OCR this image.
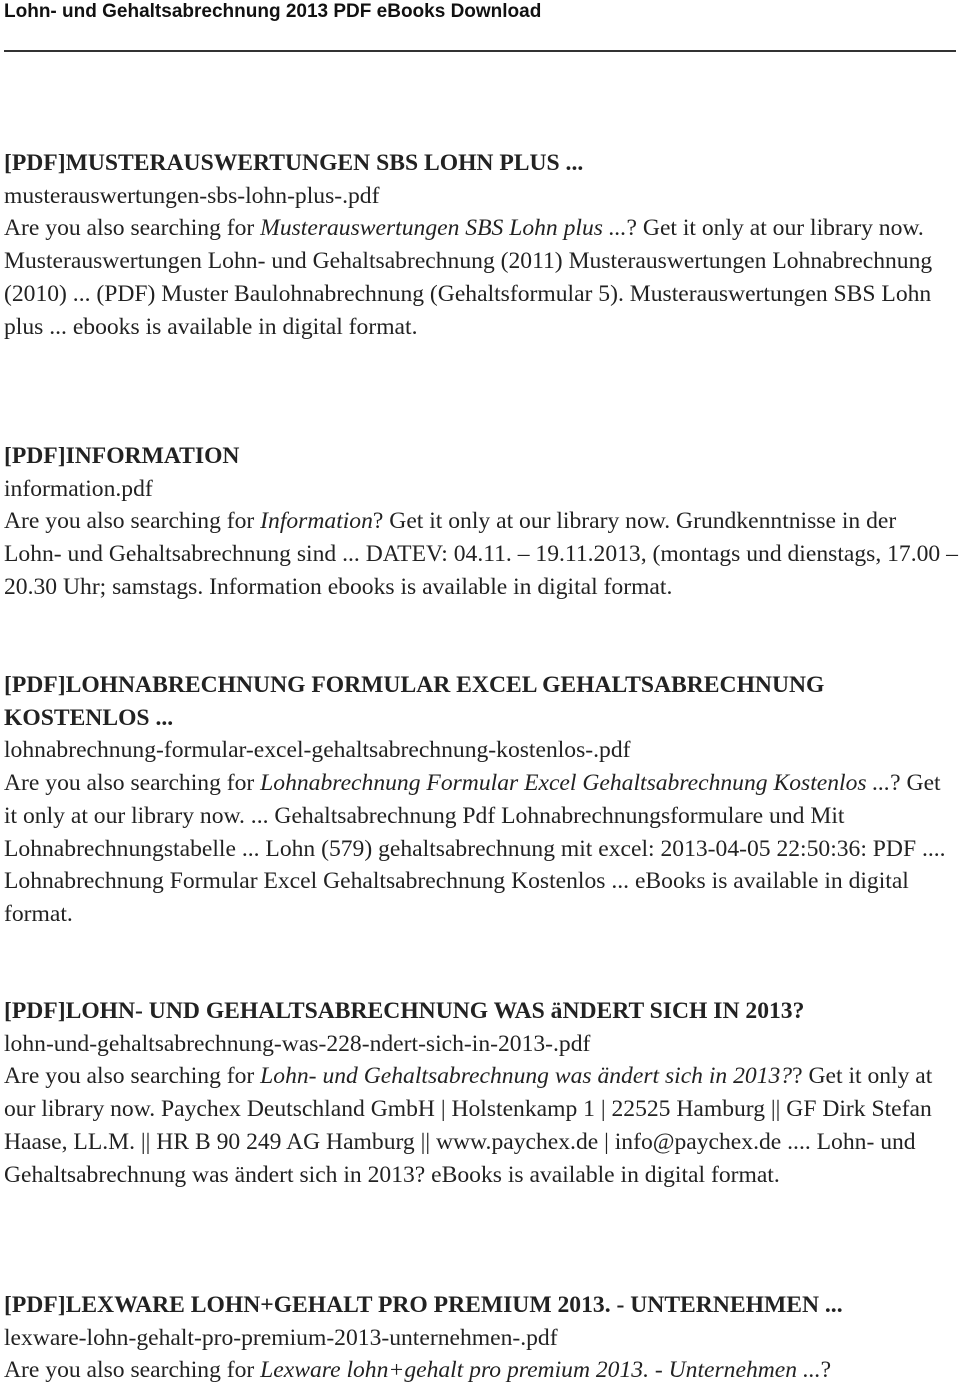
Lohn- und Gehaltsabrechnung 2013 PDF eBooks Download

[PDF]MUSTERAUSWERTUNGEN SBS LOHN PLUS ...

musterauswertungen-sbs-lohn-plus-.pdf

Are you also searching for Musterauswertungen SBS Lohn plus ...? Get it only at our library now. Musterauswertungen Lohn- und Gehaltsabrechnung (2011) Musterauswertungen Lohnabrechnung (2010) ... (PDF) Muster Baulohnabrechnung (Gehaltsformular 5). Musterauswertungen SBS Lohn plus ... ebooks is available in digital format.

[PDF]INFORMATION

information.pdf

Are you also searching for Information? Get it only at our library now. Grundkenntnisse in der Lohn- und Gehaltsabrechnung sind ... DATEV: 04.11. – 19.11.2013, (montags und dienstags, 17.00 – 20.30 Uhr; samstags. Information ebooks is available in digital format.

[PDF]LOHNABRECHNUNG FORMULAR EXCEL GEHALTSABRECHNUNG KOSTENLOS ...

lohnabrechnung-formular-excel-gehaltsabrechnung-kostenlos-.pdf

Are you also searching for Lohnabrechnung Formular Excel Gehaltsabrechnung Kostenlos ...? Get it only at our library now. ... Gehaltsabrechnung Pdf Lohnabrechnungsformulare und Mit Lohnabrechnungstabelle ... Lohn (579) gehaltsabrechnung mit excel: 2013-04-05 22:50:36: PDF .... Lohnabrechnung Formular Excel Gehaltsabrechnung Kostenlos ... eBooks is available in digital format.

[PDF]LOHN- UND GEHALTSABRECHNUNG WAS äNDERT SICH IN 2013?

lohn-und-gehaltsabrechnung-was-228-ndert-sich-in-2013-.pdf

Are you also searching for Lohn- und Gehaltsabrechnung was ändert sich in 2013?? Get it only at our library now. Paychex Deutschland GmbH | Holstenkamp 1 | 22525 Hamburg || GF Dirk Stefan Haase, LL.M. || HR B 90 249 AG Hamburg || www.paychex.de | info@paychex.de .... Lohn- und Gehaltsabrechnung was ändert sich in 2013? eBooks is available in digital format.

[PDF]LEXWARE LOHN+GEHALT PRO PREMIUM 2013. - UNTERNEHMEN ...

lexware-lohn-gehalt-pro-premium-2013-unternehmen-.pdf

Are you also searching for Lexware lohn+gehalt pro premium 2013. - Unternehmen ...?
